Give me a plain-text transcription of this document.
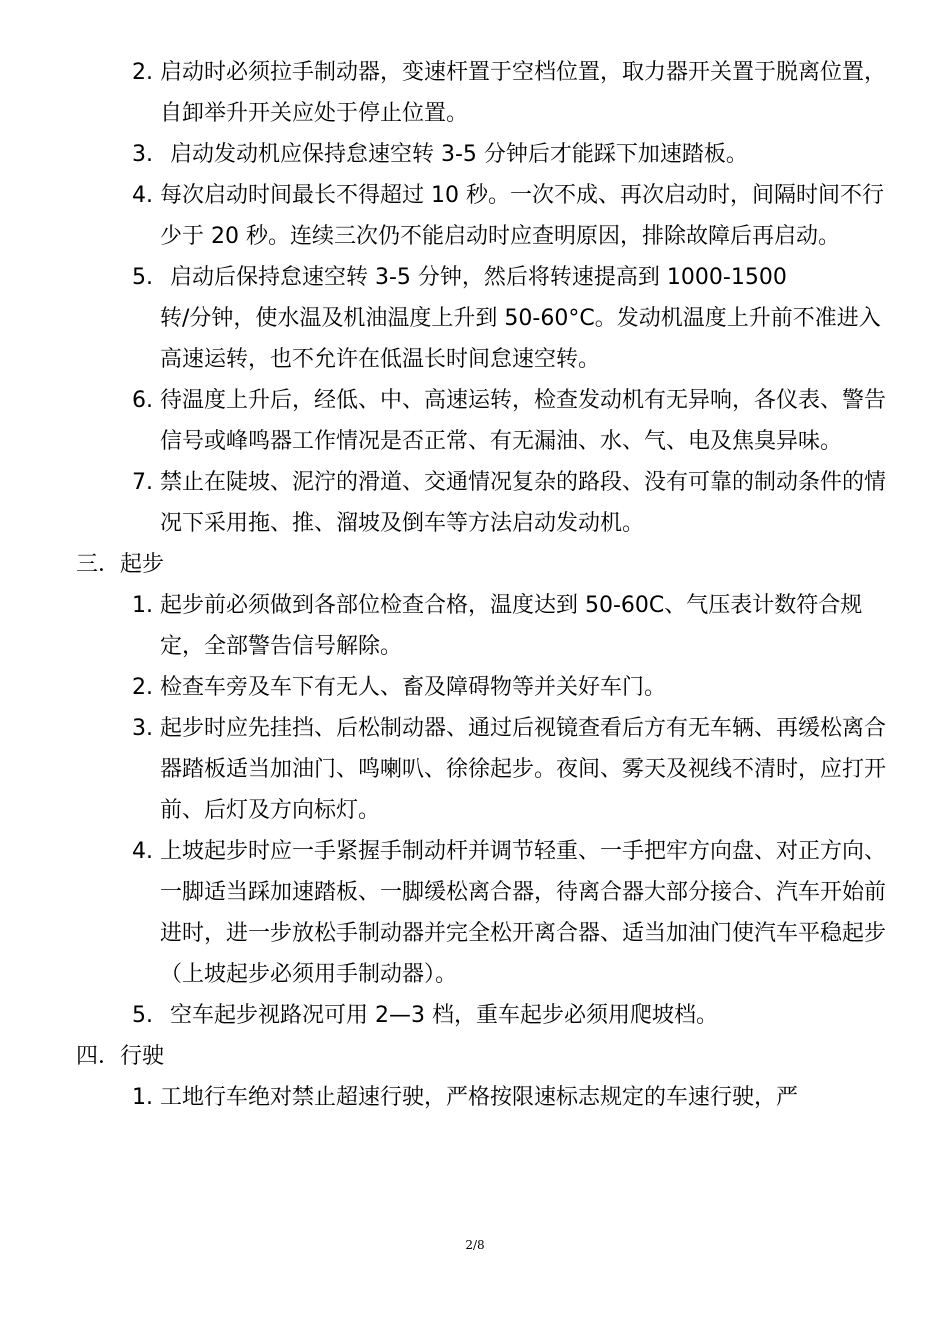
2. 启动时必须拉手制动器，变速杆置于空档位置，取力器开关置于脱离位置，自卸举升开关应处于停止位置。
3. 启动发动机应保持怠速空转 3-5 分钟后才能踩下加速踏板。
4. 每次启动时间最长不得超过 10 秒。一次不成、再次启动时，间隔时间不行少于 20 秒。连续三次仍不能启动时应查明原因，排除故障后再启动。
5. 启动后保持怠速空转 3-5 分钟，然后将转速提高到 1000-1500
转/分钟，使水温及机油温度上升到 50-60°C。发动机温度上升前不准进入高速运转，也不允许在低温长时间怠速空转。
6. 待温度上升后，经低、中、高速运转，检查发动机有无异响，各仪表、警告信号或峰鸣器工作情况是否正常、有无漏油、水、气、电及焦臭异味。
7. 禁止在陡坡、泥泞的滑道、交通情况复杂的路段、没有可靠的制动条件的情况下采用拖、推、溜坡及倒车等方法启动发动机。
三．起步
1. 起步前必须做到各部位检查合格，温度达到 50-60C、气压表计数符合规定，全部警告信号解除。
2. 检查车旁及车下有无人、畜及障碍物等并关好车门。
3. 起步时应先挂挡、后松制动器、通过后视镜查看后方有无车辆、再缓松离合器踏板适当加油门、鸣喇叭、徐徐起步。夜间、雾天及视线不清时，应打开前、后灯及方向标灯。
4. 上坡起步时应一手紧握手制动杆并调节轻重、一手把牢方向盘、对正方向、一脚适当踩加速踏板、一脚缓松离合器，待离合器大部分接合、汽车开始前进时，进一步放松手制动器并完全松开离合器、适当加油门使汽车平稳起步（上坡起步必须用手制动器）。
5. 空车起步视路况可用 2—3 档，重车起步必须用爬坡档。
四．行驶
1. 工地行车绝对禁止超速行驶，严格按限速标志规定的车速行驶，严
2/8
